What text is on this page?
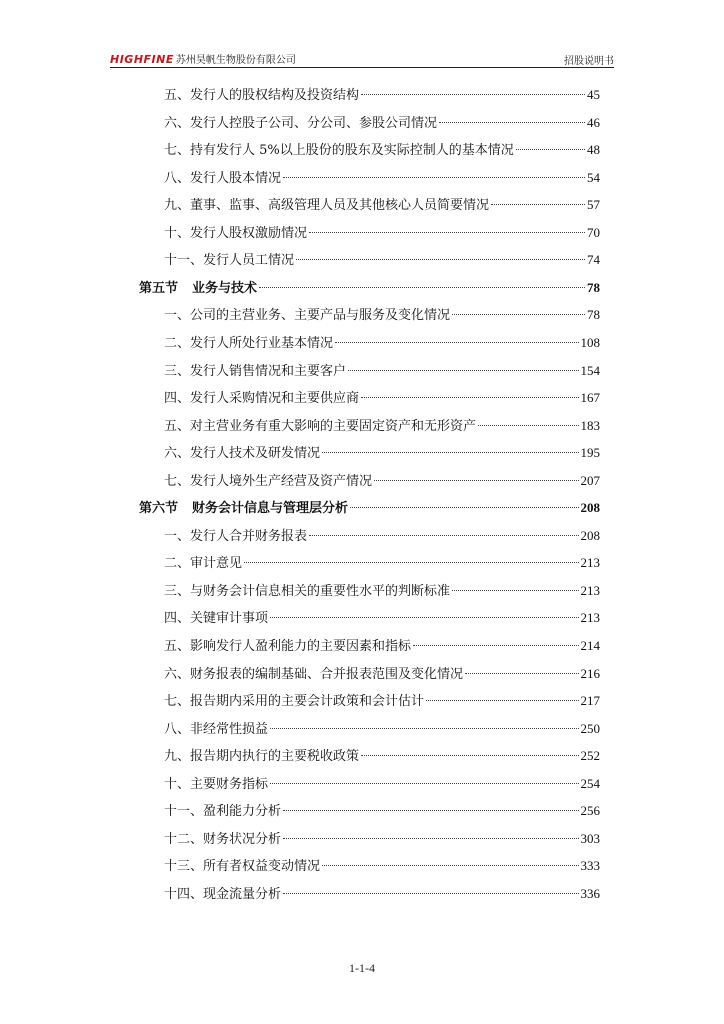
HIGHFINE 苏州昊帆生物股份有限公司	招股说明书
五、发行人的股权结构及投资结构	45
六、发行人控股子公司、分公司、参股公司情况	46
七、持有发行人 5%以上股份的股东及实际控制人的基本情况	48
八、发行人股本情况	54
九、董事、监事、高级管理人员及其他核心人员简要情况	57
十、发行人股权激励情况	70
十一、发行人员工情况	74
第五节 业务与技术	78
一、公司的主营业务、主要产品与服务及变化情况	78
二、发行人所处行业基本情况	108
三、发行人销售情况和主要客户	154
四、发行人采购情况和主要供应商	167
五、对主营业务有重大影响的主要固定资产和无形资产	183
六、发行人技术及研发情况	195
七、发行人境外生产经营及资产情况	207
第六节 财务会计信息与管理层分析	208
一、发行人合并财务报表	208
二、审计意见	213
三、与财务会计信息相关的重要性水平的判断标准	213
四、关键审计事项	213
五、影响发行人盈利能力的主要因素和指标	214
六、财务报表的编制基础、合并报表范围及变化情况	216
七、报告期内采用的主要会计政策和会计估计	217
八、非经常性损益	250
九、报告期内执行的主要税收政策	252
十、主要财务指标	254
十一、盈利能力分析	256
十二、财务状况分析	303
十三、所有者权益变动情况	333
十四、现金流量分析	336
1-1-4
